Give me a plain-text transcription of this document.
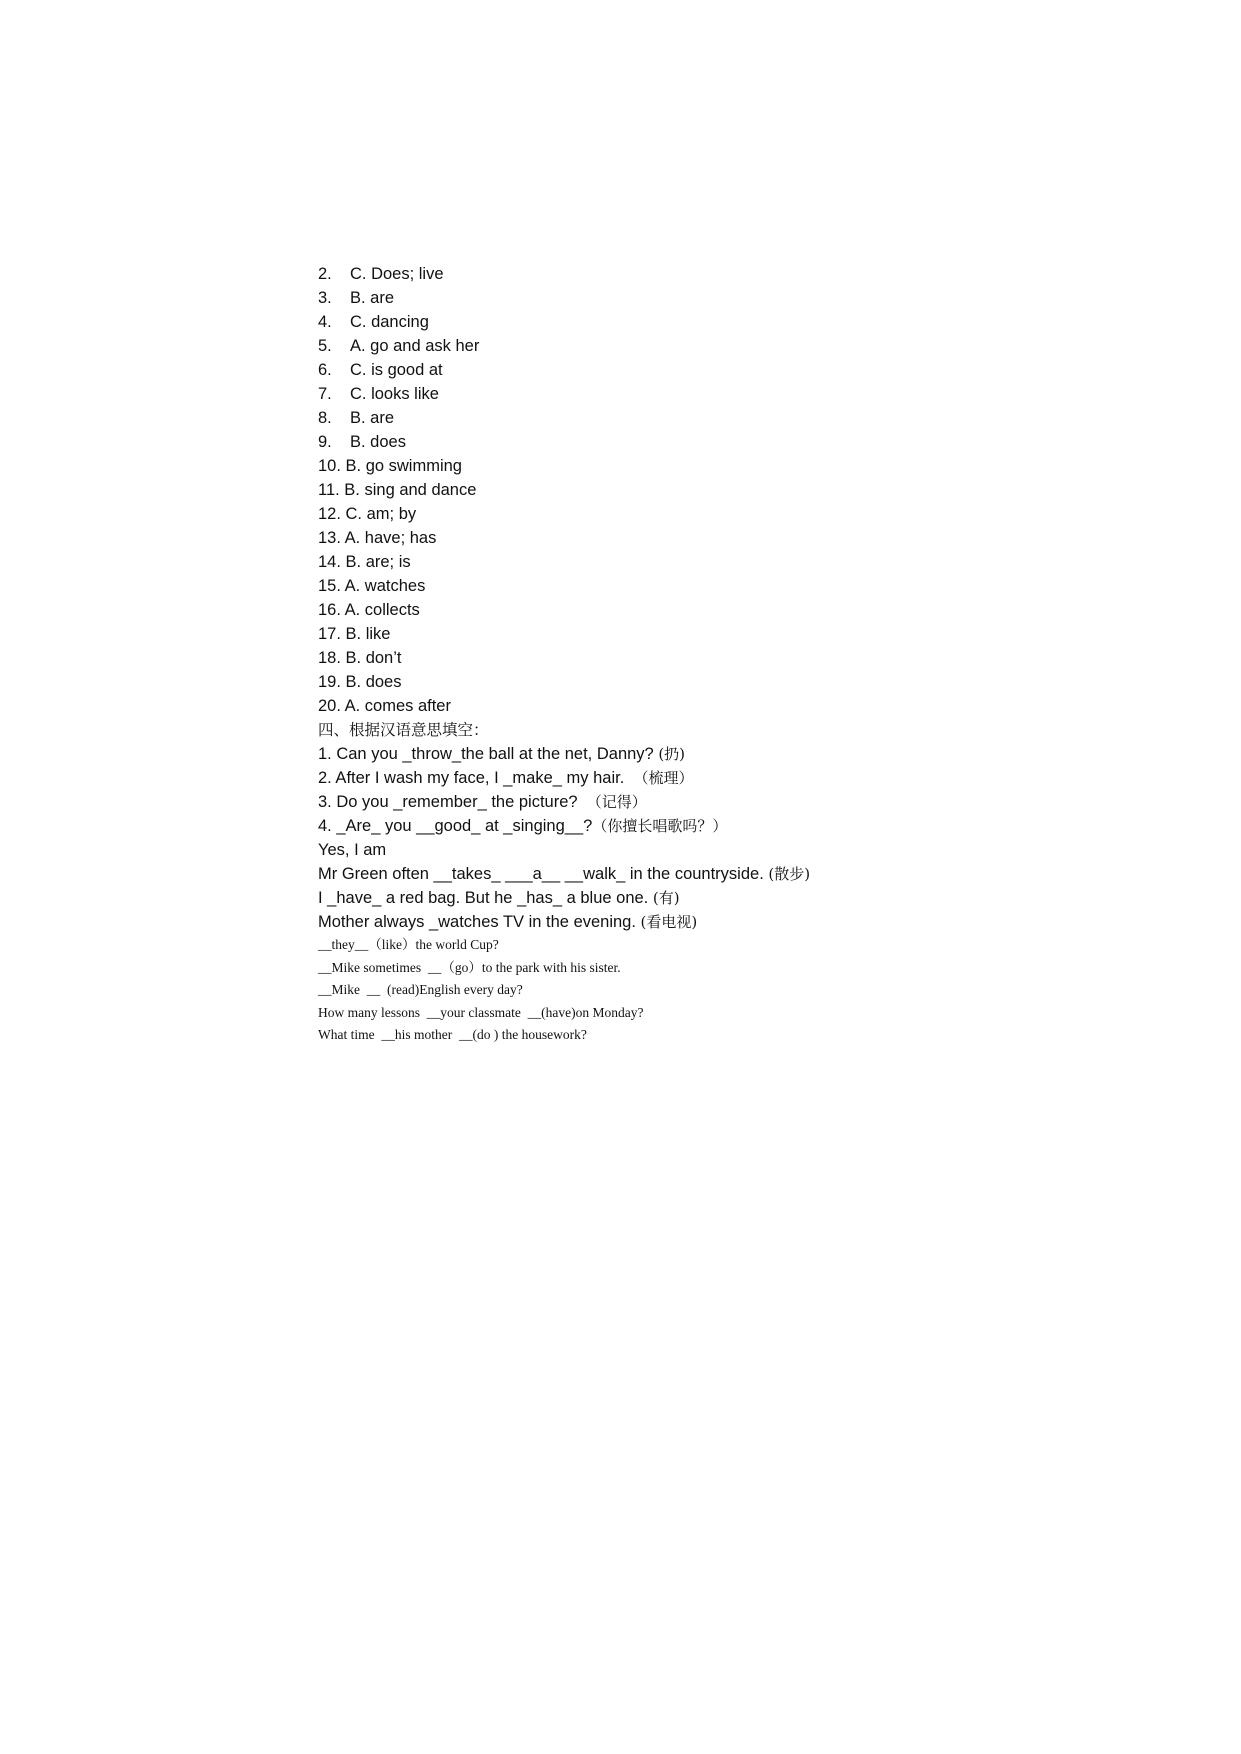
2. C. Does; live
3. B. are
4. C. dancing
5. A. go and ask her
6. C. is good at
7. C. looks like
8. B. are
9. B. does
10. B. go swimming
11. B. sing and dance
12. C. am; by
13. A. have; has
14. B. are; is
15. A. watches
16. A. collects
17. B. like
18. B. don’t
19. B. does
20. A. comes after
四、根据汉语意思填空：
1. Can you _throw_the ball at the net, Danny? (扔)
2. After I wash my face, I _make_ my hair.  （梳理）
3. Do you _remember_ the picture?  （记得）
4. _Are_ you __good_ at _singing__?（你擅长唱歌吗？）
Yes, I am
Mr Green often __takes_ ___a__ __walk_ in the countryside. (散步)
I _have_ a red bag. But he _has_ a blue one. (有)
Mother always _watches TV in the evening. (看电视)
__they__（like）the world Cup?
__Mike sometimes  __（go）to the park with his sister.
__Mike  __  (read)English every day?
How many lessons  __your classmate  __(have)on Monday?
What time  __his mother  __(do ) the housework?
